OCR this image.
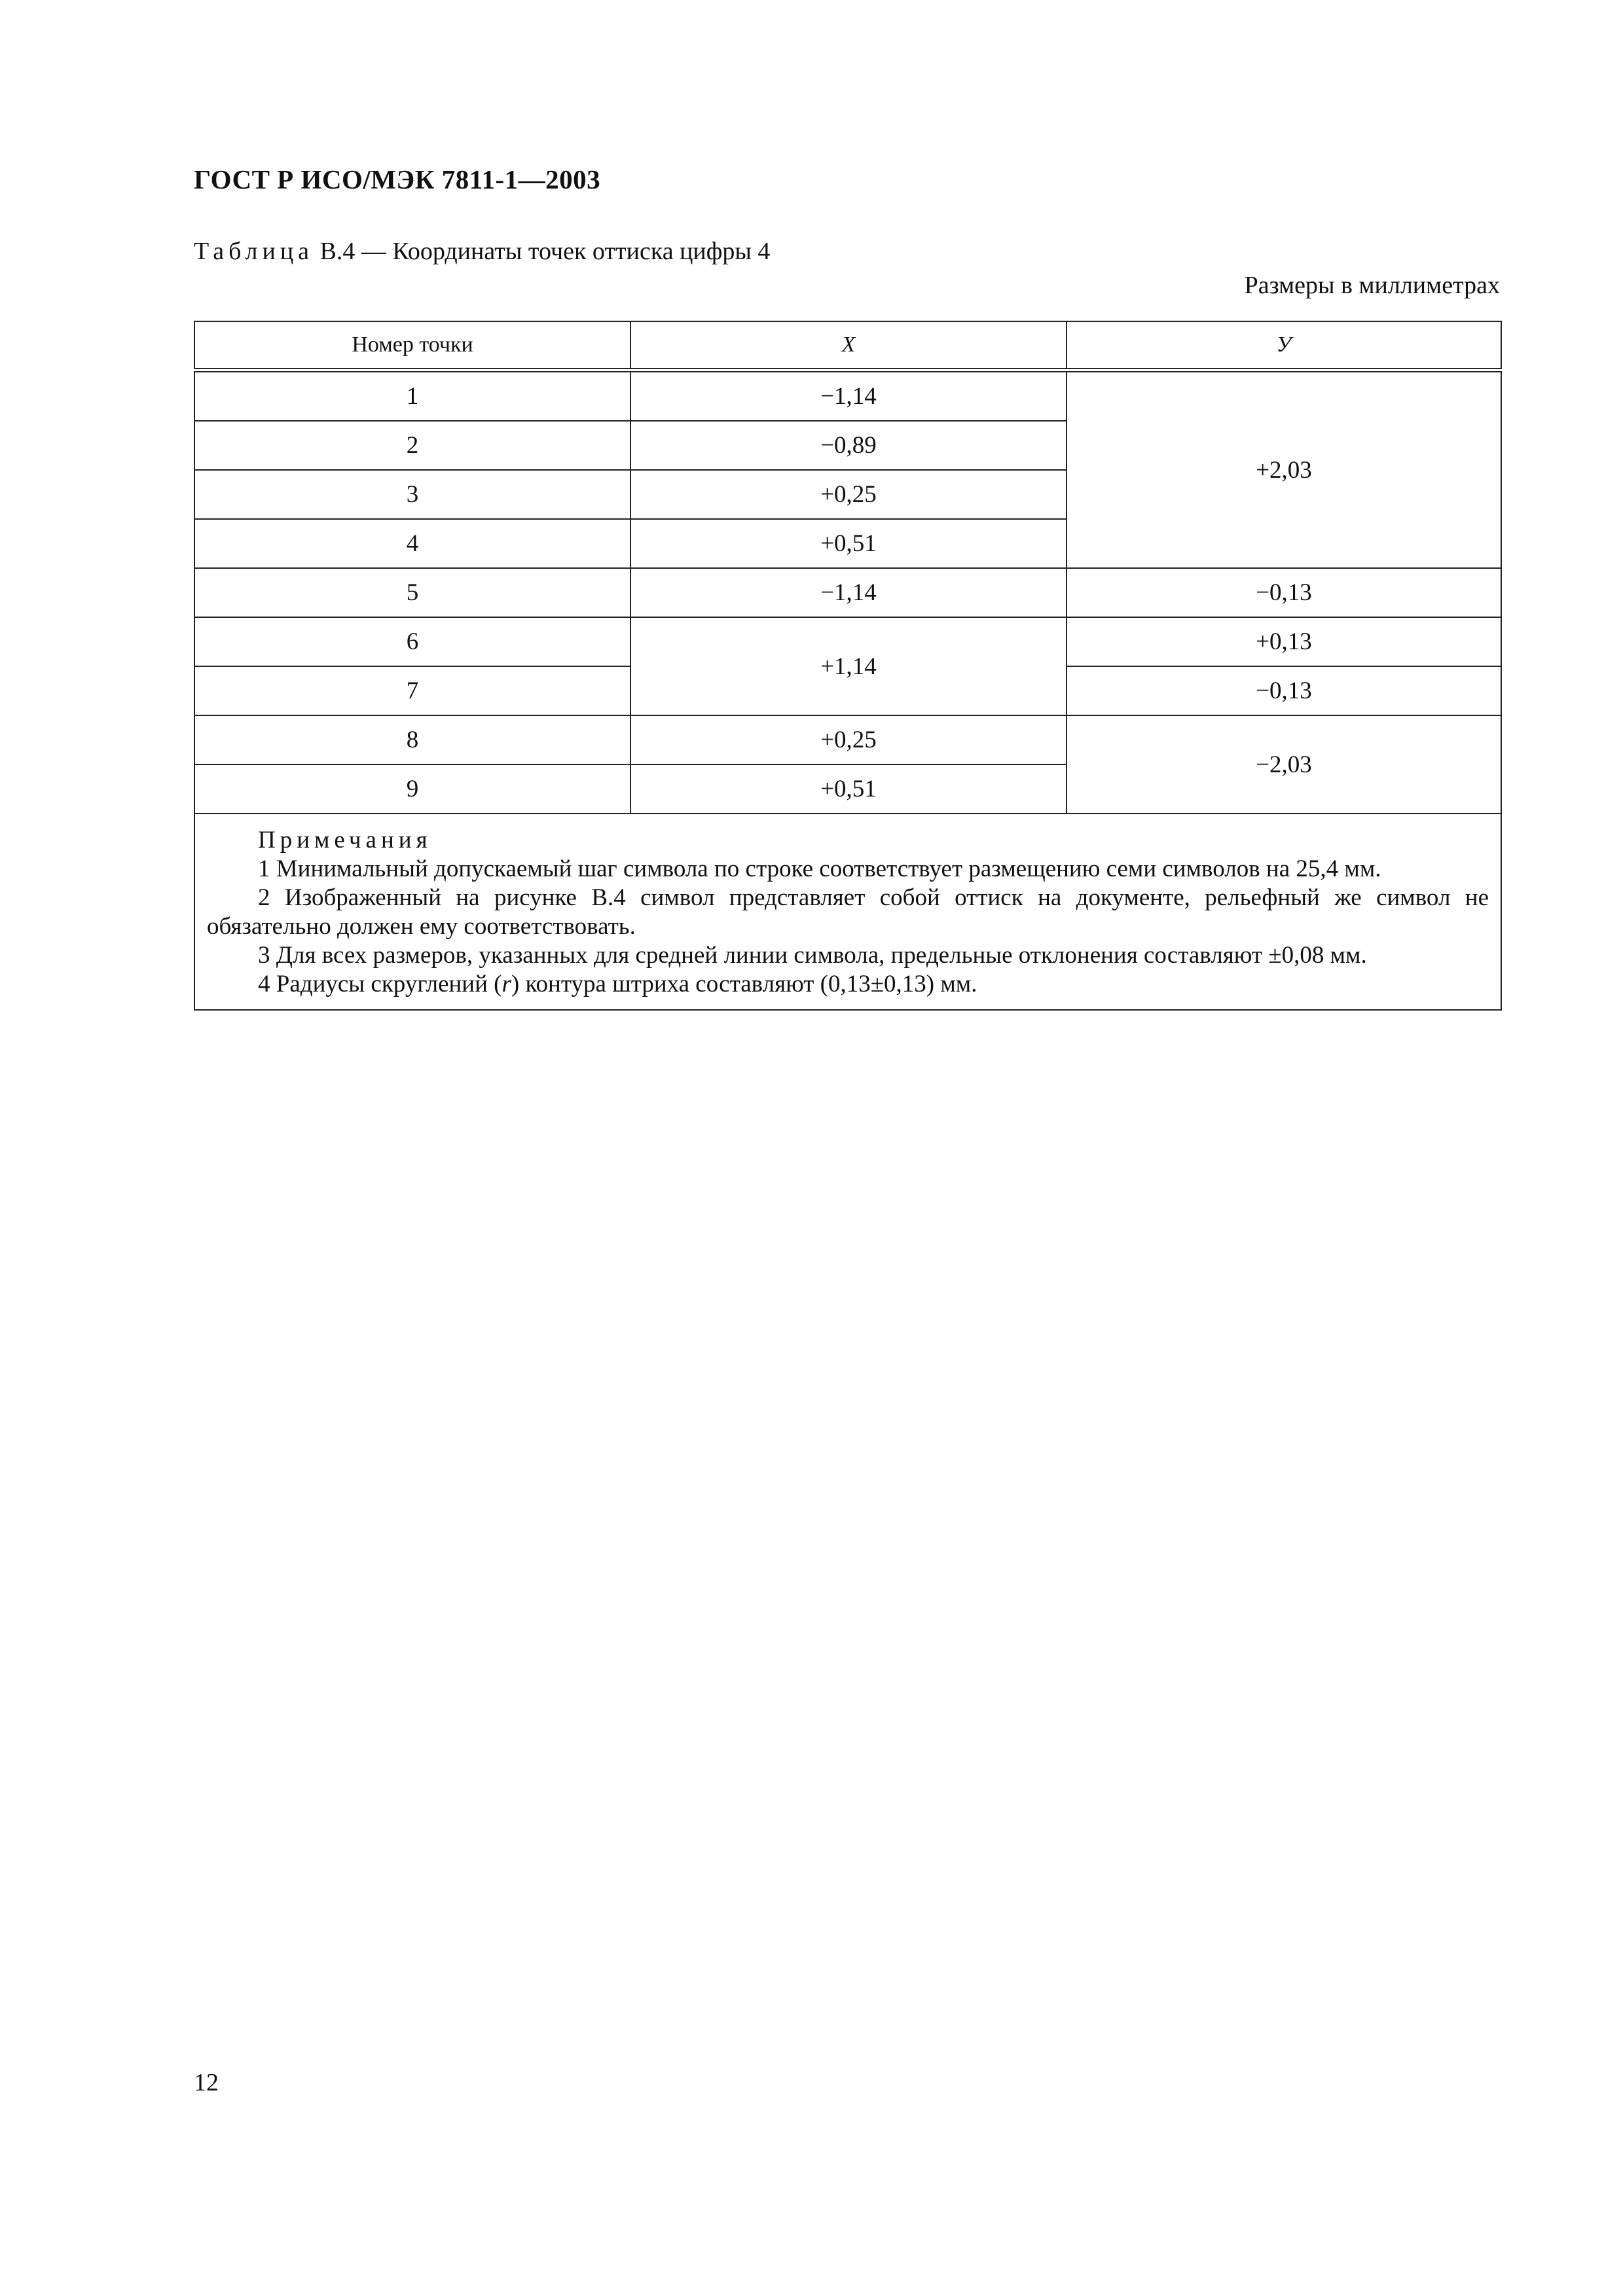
ГОСТ Р ИСО/МЭК 7811-1—2003
Таблица В.4 — Координаты точек оттиска цифры 4
Размеры в миллиметрах
Номер точки	X	У
1	−1,14	+2,03
2	−0,89	
3	+0,25	
4	+0,51	
5	−1,14	−0,13
6	+1,14	+0,13
7		−0,13
8	+0,25	−2,03
9	+0,51	

Примечания

1 Минимальный допускаемый шаг символа по строке соответствует размещению семи символов на 25,4 мм.

2 Изображенный на рисунке В.4 символ представляет собой оттиск на документе, рельефный же символ не обязательно должен ему соответствовать.

3 Для всех размеров, указанных для средней линии символа, предельные отклонения составляют ±0,08 мм.

4 Радиусы скруглений (r) контура штриха составляют (0,13±0,13) мм.		

12
